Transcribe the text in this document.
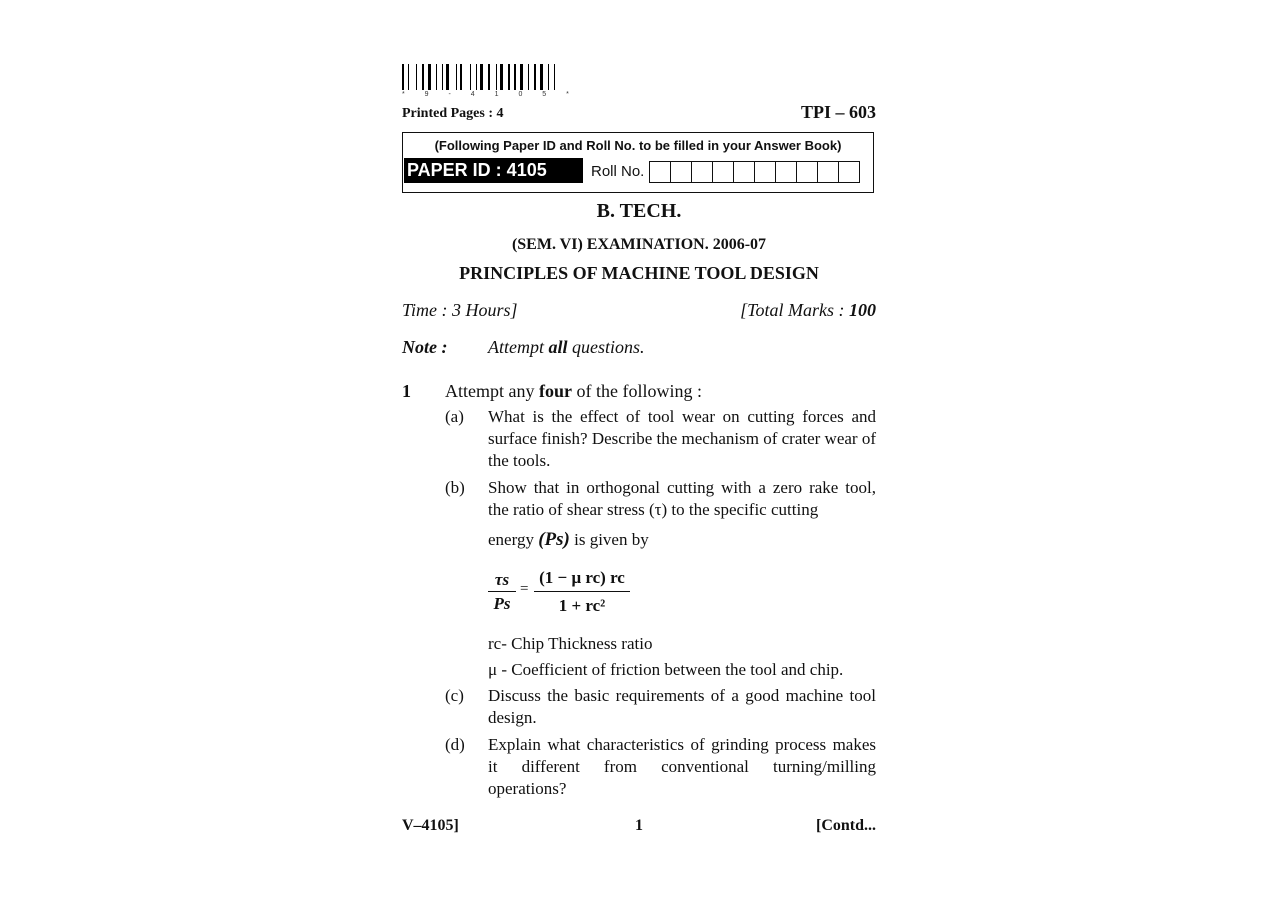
* 9 - 4 1 0 5 *
Printed Pages : 4	TPI – 603
(Following Paper ID and Roll No. to be filled in your Answer Book)
PAPER ID : 4105	Roll No.
B. TECH.
(SEM. VI) EXAMINATION. 2006-07
PRINCIPLES OF MACHINE TOOL DESIGN
Time : 3 Hours]	[Total Marks : 100
Note : Attempt all questions.
1 Attempt any four of the following :
(a) What is the effect of tool wear on cutting forces and surface finish? Describe the mechanism of crater wear of the tools.
(b) Show that in orthogonal cutting with a zero rake tool, the ratio of shear stress (τ) to the specific cutting
energy (Ps) is given by
τs
Ps
=
(1 − μ rc) rc
1 + rc²
rc- Chip Thickness ratio
μ - Coefficient of friction between the tool and chip.
(c) Discuss the basic requirements of a good machine tool design.
(d) Explain what characteristics of grinding process makes it different from conventional turning/milling operations?
V–4105]	1	[Contd...
